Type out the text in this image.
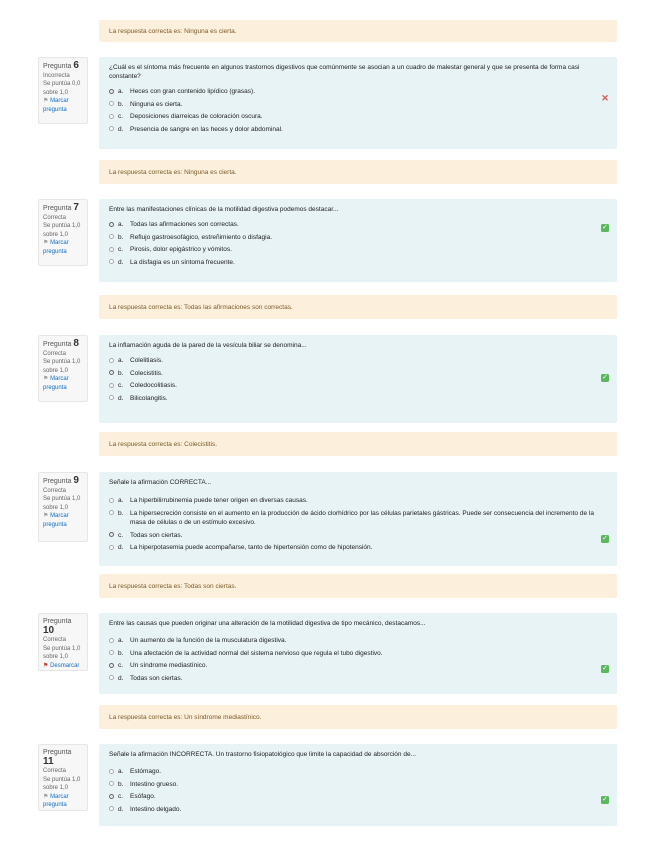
La respuesta correcta es: Ninguna es cierta.
Pregunta 6
Incorrecta
Se puntúa 0,0 sobre 1,0
⚑ Marcar pregunta
¿Cuál es el síntoma más frecuente en algunos trastornos digestivos que comúnmente se asocian a un cuadro de malestar general y que se presenta de forma casi constante?
a.	Heces con gran contenido lipídico (grasas).
b.	Ninguna es cierta.
c.	Deposiciones diarreicas de coloración oscura.
d.	Presencia de sangre en las heces y dolor abdominal.
✕
La respuesta correcta es: Ninguna es cierta.
Pregunta 7
Correcta
Se puntúa 1,0 sobre 1,0
⚑ Marcar pregunta
Entre las manifestaciones clínicas de la motilidad digestiva podemos destacar...
a.	Todas las afirmaciones son correctas.
b.	Reflujo gastroesofágico, estreñimiento o disfagia.
c.	Pirosis, dolor epigástrico y vómitos.
d.	La disfagia es un síntoma frecuente.
✓
La respuesta correcta es: Todas las afirmaciones son correctas.
Pregunta 8
Correcta
Se puntúa 1,0 sobre 1,0
⚑ Marcar pregunta
La inflamación aguda de la pared de la vesícula biliar se denomina...
a.	Colelitiasis.
b.	Colecistitis.
c.	Coledocolitiasis.
d.	Bilicolangitis.
✓
La respuesta correcta es: Colecistitis.
Pregunta 9
Correcta
Se puntúa 1,0 sobre 1,0
⚑ Marcar pregunta
Señale la afirmación CORRECTA...
a.	La hiperbilirrubinemia puede tener origen en diversas causas.
b.	La hipersecreción consiste en el aumento en la producción de ácido clorhídrico por las células parietales gástricas. Puede ser consecuencia del incremento de la masa de células o de un estímulo excesivo.
c.	Todas son ciertas.
d.	La hiperpotasemia puede acompañarse, tanto de hipertensión como de hipotensión.
✓
La respuesta correcta es: Todas son ciertas.
Pregunta 10
Correcta
Se puntúa 1,0 sobre 1,0
⚑ Desmarcar
Entre las causas que pueden originar una alteración de la motilidad digestiva de tipo mecánico, destacamos...
a.	Un aumento de la función de la musculatura digestiva.
b.	Una afectación de la actividad normal del sistema nervioso que regula el tubo digestivo.
c.	Un síndrome mediastínico.
d.	Todas son ciertas.
✓
La respuesta correcta es: Un síndrome mediastínico.
Pregunta 11
Correcta
Se puntúa 1,0 sobre 1,0
⚑ Marcar pregunta
Señale la afirmación INCORRECTA. Un trastorno fisiopatológico que limite la capacidad de absorción de...
a.	Estómago.
b.	Intestino grueso.
c.	Esófago.
d.	Intestino delgado.
✓
